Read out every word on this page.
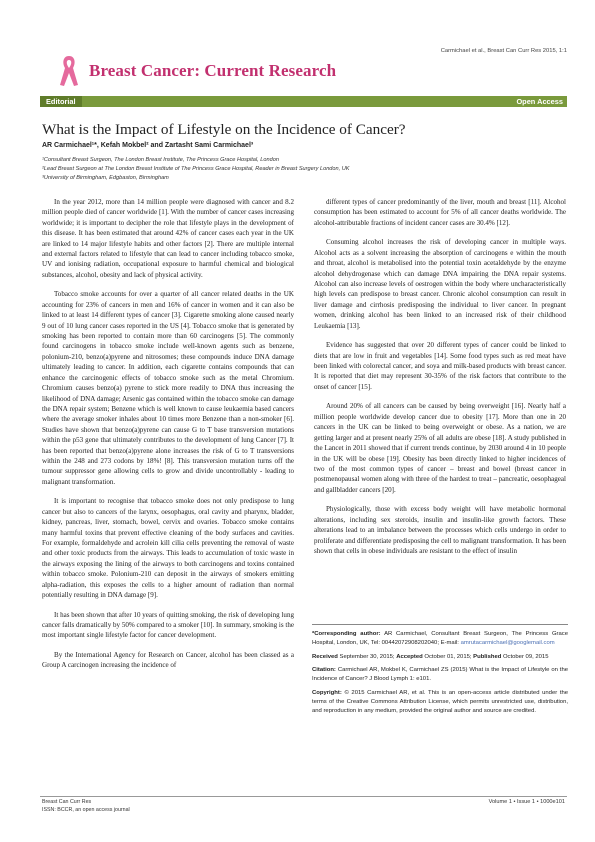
Carmichael et al., Breast Can Curr Res 2015, 1:1
Breast Cancer: Current Research
Editorial	Open Access
What is the Impact of Lifestyle on the Incidence of Cancer?
AR Carmichael¹*, Kefah Mokbel² and Zartasht Sami Carmichael³
¹Consultant Breast Surgeon, The London Breast Institute, The Princess Grace Hospital, London
²Lead Breast Surgeon at The London Breast Institute of The Princess Grace Hospital, Reader in Breast Surgery London, UK
³University of Birmingham, Edgbaston, Birmingham

In the year 2012, more than 14 million people were diagnosed with cancer and 8.2 million people died of cancer worldwide [1]. With the number of cancer cases increasing worldwide; it is important to decipher the role that lifestyle plays in the development of this disease. It has been estimated that around 42% of cancer cases each year in the UK are linked to 14 major lifestyle habits and other factors [2]. There are multiple internal and external factors related to lifestyle that can lead to cancer including tobacco smoke, UV and ionising radiation, occupational exposure to harmful chemical and biological substances, alcohol, obesity and lack of physical activity.

Tobacco smoke accounts for over a quarter of all cancer related deaths in the UK accounting for 23% of cancers in men and 16% of cancer in women and it can also be linked to at least 14 different types of cancer [3]. Cigarette smoking alone caused nearly 9 out of 10 lung cancer cases reported in the US [4]. Tobacco smoke that is generated by smoking has been reported to contain more than 60 carcinogens [5]. The commonly found carcinogens in tobacco smoke include well-known agents such as benzene, polonium-210, benzo(a)pyrene and nitrosomes; these compounds induce DNA damage ultimately leading to cancer. In addition, each cigarette contains compounds that can enhance the carcinogenic effects of tobacco smoke such as the metal Chromium. Chromium causes benzo(a) pyrene to stick more readily to DNA thus increasing the likelihood of DNA damage; Arsenic gas contained within the tobacco smoke can damage the DNA repair system; Benzene which is well known to cause leukaemia based cancers where the average smoker inhales about 10 times more Benzene than a non-smoker [6]. Studies have shown that benzo(a)pyrene can cause G to T base transversion mutations within the p53 gene that ultimately contributes to the development of lung Cancer [7]. It has been reported that benzo(a)pyrene alone increases the risk of G to T transversions within the 248 and 273 codons by 18%! [8]. This transversion mutation turns off the tumour suppressor gene allowing cells to grow and divide uncontrollably - leading to malignant transformation.

It is important to recognise that tobacco smoke does not only predispose to lung cancer but also to cancers of the larynx, oesophagus, oral cavity and pharynx, bladder, kidney, pancreas, liver, stomach, bowel, cervix and ovaries. Tobacco smoke contains many harmful toxins that prevent effective cleaning of the body surfaces and cavities. For example, formaldehyde and acrolein kill cilia cells preventing the removal of waste and other toxic products from the airways. This leads to accumulation of toxic waste in the airways exposing the lining of the airways to both carcinogens and toxins contained within tobacco smoke. Polonium-210 can deposit in the airways of smokers emitting alpha-radiation, this exposes the cells to a higher amount of radiation than normal potentially resulting in DNA damage [9].

It has been shown that after 10 years of quitting smoking, the risk of developing lung cancer falls dramatically by 50% compared to a smoker [10]. In summary, smoking is the most important single lifestyle factor for cancer development.

By the International Agency for Research on Cancer, alcohol has been classed as a Group A carcinogen increasing the incidence of

different types of cancer predominantly of the liver, mouth and breast [11]. Alcohol consumption has been estimated to account for 5% of all cancer deaths worldwide. The alcohol-attributable fractions of incident cancer cases are 30.4% [12].

Consuming alcohol increases the risk of developing cancer in multiple ways. Alcohol acts as a solvent increasing the absorption of carcinogens e within the mouth and throat, alcohol is metabolised into the potential toxin acetaldehyde by the enzyme alcohol dehydrogenase which can damage DNA impairing the DNA repair systems. Alcohol can also increase levels of oestrogen within the body where uncharacteristically high levels can predispose to breast cancer. Chronic alcohol consumption can result in liver damage and cirrhosis predisposing the individual to liver cancer. In pregnant women, drinking alcohol has been linked to an increased risk of their childhood Leukaemia [13].

Evidence has suggested that over 20 different types of cancer could be linked to diets that are low in fruit and vegetables [14]. Some food types such as red meat have been linked with colorectal cancer, and soya and milk-based products with breast cancer. It is reported that diet may represent 30-35% of the risk factors that contribute to the onset of cancer [15].

Around 20% of all cancers can be caused by being overweight [16]. Nearly half a million people worldwide develop cancer due to obesity [17]. More than one in 20 cancers in the UK can be linked to being overweight or obese. As a nation, we are getting larger and at present nearly 25% of all adults are obese [18]. A study published in the Lancet in 2011 showed that if current trends continue, by 2030 around 4 in 10 people in the UK will be obese [19]. Obesity has been directly linked to higher incidences of two of the most common types of cancer – breast and bowel (breast cancer in postmenopausal women along with three of the hardest to treat – pancreatic, oesophageal and gallbladder cancers [20].

Physiologically, those with excess body weight will have metabolic hormonal alterations, including sex steroids, insulin and insulin-like growth factors. These alterations lead to an imbalance between the processes which cells undergo in order to proliferate and differentiate predisposing the cell to malignant transformation. It has been shown that cells in obese individuals are resistant to the effect of insulin

*Corresponding author: AR Carmichael, Consultant Breast Surgeon, The Princess Grace Hospital, London, UK, Tel: 00442072908202040; E-mail: amrutacarmichael@googlemail.com
Received September 30, 2015; Accepted October 01, 2015; Published October 09, 2015
Citation: Carmichael AR, Mokbel K, Carmichael ZS (2015) What is the Impact of Lifestyle on the Incidence of Cancer? J Blood Lymph 1: e101.
Copyright: © 2015 Carmichael AR, et al. This is an open-access article distributed under the terms of the Creative Commons Attribution License, which permits unrestricted use, distribution, and reproduction in any medium, provided the original author and source are credited.
Breast Can Curr Res
ISSN: BCCR, an open access journal
Volume 1 • Issue 1 • 1000e101
